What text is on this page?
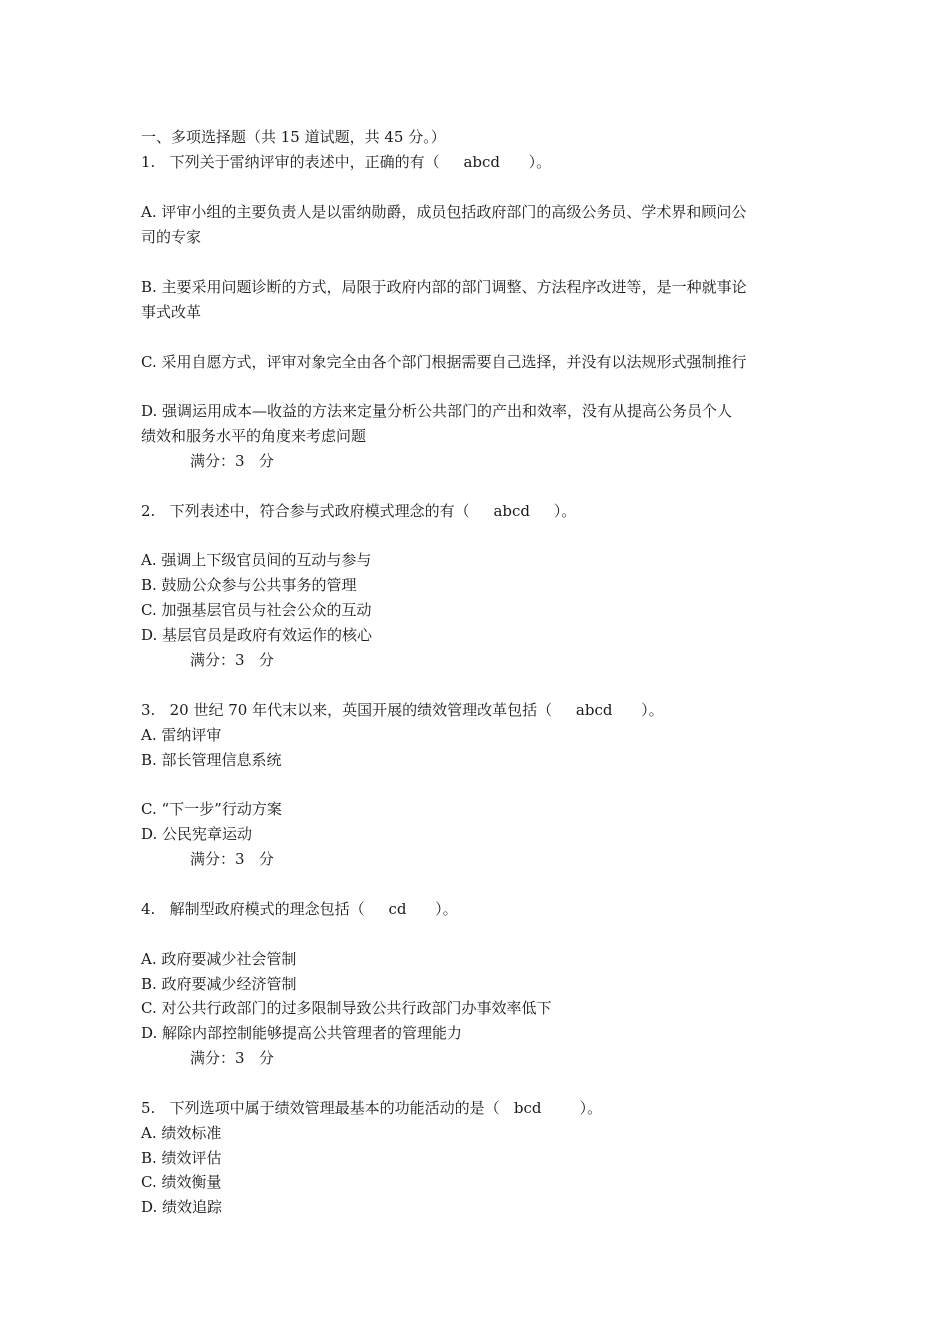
一、多项选择题（共 15 道试题，共 45 分。）
1.   下列关于雷纳评审的表述中，正确的有（     abcd      ）。
A. 评审小组的主要负责人是以雷纳勋爵，成员包括政府部门的高级公务员、学术界和顾问公
司的专家
B. 主要采用问题诊断的方式，局限于政府内部的部门调整、方法程序改进等，是一种就事论
事式改革
C. 采用自愿方式，评审对象完全由各个部门根据需要自己选择，并没有以法规形式强制推行
D. 强调运用成本—收益的方法来定量分析公共部门的产出和效率，没有从提高公务员个人
绩效和服务水平的角度来考虑问题
满分：3   分
2.   下列表述中，符合参与式政府模式理念的有（     abcd     ）。
A. 强调上下级官员间的互动与参与
B. 鼓励公众参与公共事务的管理
C. 加强基层官员与社会公众的互动
D. 基层官员是政府有效运作的核心
满分：3   分
3.   20 世纪 70 年代末以来，英国开展的绩效管理改革包括（     abcd      ）。
A. 雷纳评审
B. 部长管理信息系统
C. “下一步”行动方案
D. 公民宪章运动
满分：3   分
4.   解制型政府模式的理念包括（     cd      ）。
A. 政府要减少社会管制
B. 政府要减少经济管制
C. 对公共行政部门的过多限制导致公共行政部门办事效率低下
D. 解除内部控制能够提高公共管理者的管理能力
满分：3   分
5.   下列选项中属于绩效管理最基本的功能活动的是（   bcd        ）。
A. 绩效标准
B. 绩效评估
C. 绩效衡量
D. 绩效追踪
